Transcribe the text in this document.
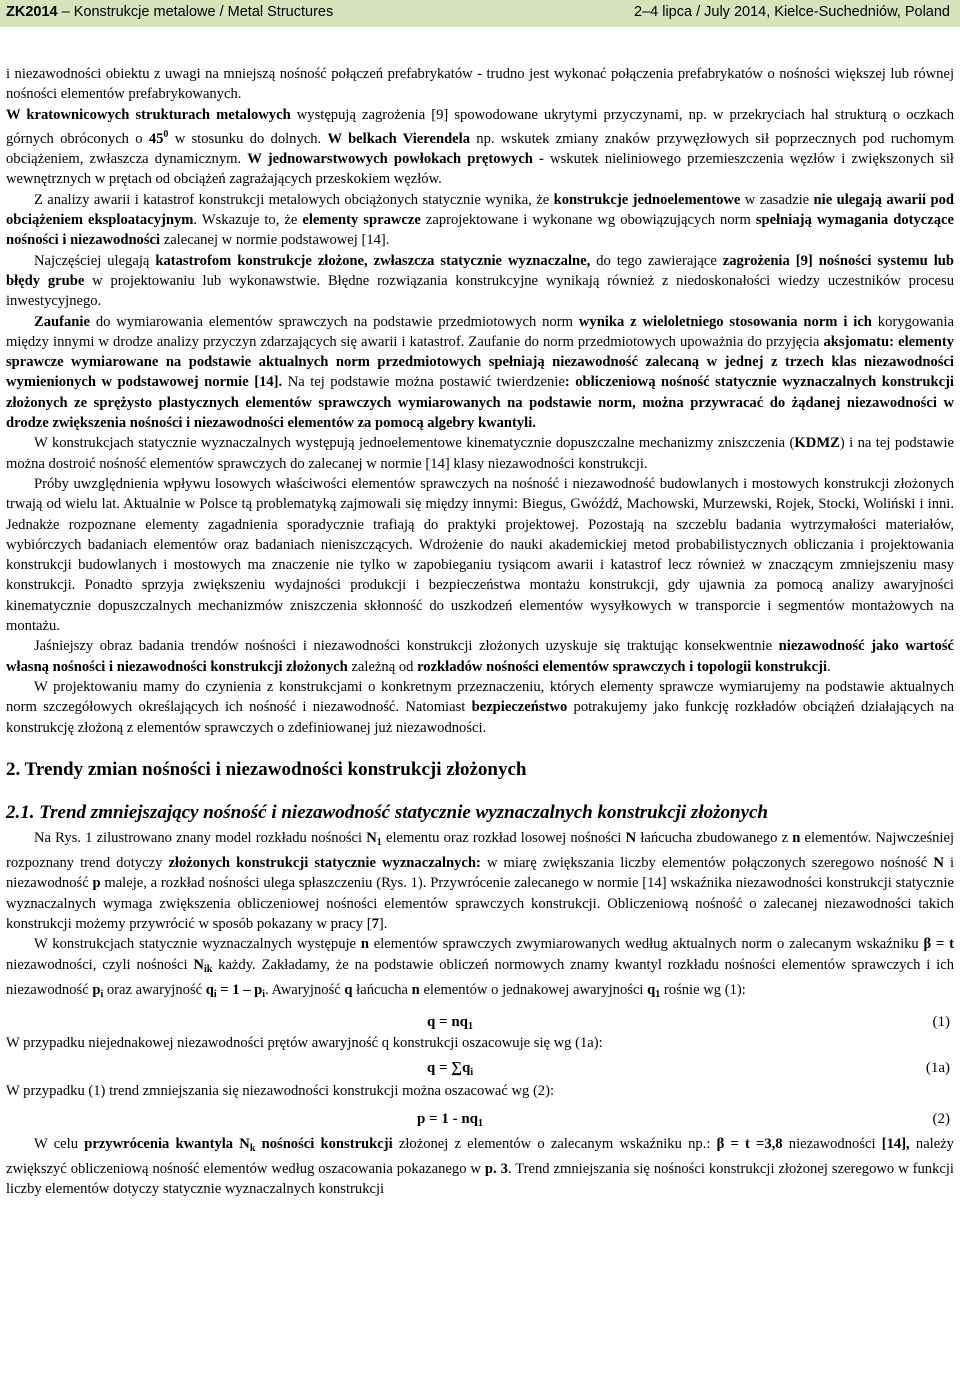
ZK2014 – Konstrukcje metalowe / Metal Structures	2–4 lipca / July 2014, Kielce-Suchedniów, Poland

i niezawodności obiektu z uwagi na mniejszą nośność połączeń prefabrykatów - trudno jest wykonać połączenia prefabrykatów o nośności większej lub równej nośności elementów prefabrykowanych.
W kratownicowych strukturach metalowych występują zagrożenia [9] spowodowane ukrytymi przyczynami, np. w przekryciach hal strukturą o oczkach górnych obróconych o $45^0$ w stosunku do dolnych. W belkach Vierendela np. wskutek zmiany znaków przywęzłowych sił poprzecznych pod ruchomym obciążeniem, zwłaszcza dynamicznym. W jednowarstwowych powłokach prętowych - wskutek nieliniowego przemieszczenia węzłów i zwiększonych sił wewnętrznych w prętach od obciążeń zagrażających przeskokiem węzłów.

Z analizy awarii i katastrof konstrukcji metalowych obciążonych statycznie wynika, że konstrukcje jednoelementowe w zasadzie nie ulegają awarii pod obciążeniem eksploatacyjnym. Wskazuje to, że elementy sprawcze zaprojektowane i wykonane wg obowiązujących norm spełniają wymagania dotyczące nośności i niezawodności zalecanej w normie podstawowej [14].

Najczęściej ulegają katastrofom konstrukcje złożone, zwłaszcza statycznie wyznaczalne, do tego zawierające zagrożenia [9] nośności systemu lub błędy grube w projektowaniu lub wykonawstwie. Błędne rozwiązania konstrukcyjne wynikają również z niedoskonałości wiedzy uczestników procesu inwestycyjnego.

Zaufanie do wymiarowania elementów sprawczych na podstawie przedmiotowych norm wynika z wieloletniego stosowania norm i ich korygowania między innymi w drodze analizy przyczyn zdarzających się awarii i katastrof. Zaufanie do norm przedmiotowych upoważnia do przyjęcia aksjomatu: elementy sprawcze wymiarowane na podstawie aktualnych norm przedmiotowych spełniają niezawodność zalecaną w jednej z trzech klas niezawodności wymienionych w podstawowej normie [14]. Na tej podstawie można postawić twierdzenie: obliczeniową nośność statycznie wyznaczalnych konstrukcji złożonych ze sprężysto plastycznych elementów sprawczych wymiarowanych na podstawie norm, można przywracać do żądanej niezawodności w drodze zwiększenia nośności i niezawodności elementów za pomocą algebry kwantyli.

W konstrukcjach statycznie wyznaczalnych występują jednoelementowe kinematycznie dopuszczalne mechanizmy zniszczenia (KDMZ) i na tej podstawie można dostroić nośność elementów sprawczych do zalecanej w normie [14] klasy niezawodności konstrukcji.

Próby uwzględnienia wpływu losowych właściwości elementów sprawczych na nośność i niezawodność budowlanych i mostowych konstrukcji złożonych trwają od wielu lat. Aktualnie w Polsce tą problematyką zajmowali się między innymi: Biegus, Gwóźdź, Machowski, Murzewski, Rojek, Stocki, Woliński i inni. Jednakże rozpoznane elementy zagadnienia sporadycznie trafiają do praktyki projektowej. Pozostają na szczeblu badania wytrzymałości materiałów, wybiórczych badaniach elementów oraz badaniach nieniszczących. Wdrożenie do nauki akademickiej metod probabilistycznych obliczania i projektowania konstrukcji budowlanych i mostowych ma znaczenie nie tylko w zapobieganiu tysiącom awarii i katastrof lecz również w znaczącym zmniejszeniu masy konstrukcji. Ponadto sprzyja zwiększeniu wydajności produkcji i bezpieczeństwa montażu konstrukcji, gdy ujawnia za pomocą analizy awaryjności kinematycznie dopuszczalnych mechanizmów zniszczenia skłonność do uszkodzeń elementów wysyłkowych w transporcie i segmentów montażowych na montażu.

Jaśniejszy obraz badania trendów nośności i niezawodności konstrukcji złożonych uzyskuje się traktując konsekwentnie niezawodność jako wartość własną nośności i niezawodności konstrukcji złożonych zależną od rozkładów nośności elementów sprawczych i topologii konstrukcji.

W projektowaniu mamy do czynienia z konstrukcjami o konkretnym przeznaczeniu, których elementy sprawcze wymiarujemy na podstawie aktualnych norm szczegółowych określających ich nośność i niezawodność. Natomiast bezpieczeństwo potrakujemy jako funkcję rozkładów obciążeń działających na konstrukcję złożoną z elementów sprawczych o zdefiniowanej już niezawodności.

2. Trendy zmian nośności i niezawodności konstrukcji złożonych
2.1. Trend zmniejszający nośność i niezawodność statycznie wyznaczalnych konstrukcji złożonych

Na Rys. 1 zilustrowano znany model rozkładu nośności $N_1$ elementu oraz rozkład losowej nośności N łańcucha zbudowanego z n elementów. Najwcześniej rozpoznany trend dotyczy złożonych konstrukcji statycznie wyznaczalnych: w miarę zwiększania liczby elementów połączonych szeregowo nośność N i niezawodność p maleje, a rozkład nośności ulega spłaszczeniu (Rys. 1). Przywrócenie zalecanego w normie [14] wskaźnika niezawodności konstrukcji statycznie wyznaczalnych wymaga zwiększenia obliczeniowej nośności elementów sprawczych konstrukcji. Obliczeniową nośność o zalecanej niezawodności takich konstrukcji możemy przywrócić w sposób pokazany w pracy [7].

W konstrukcjach statycznie wyznaczalnych występuje n elementów sprawczych zwymiarowanych według aktualnych norm o zalecanym wskaźniku β = t niezawodności, czyli nośności $N_{ik}$ każdy. Zakładamy, że na podstawie obliczeń normowych znamy kwantyl rozkładu nośności elementów sprawczych i ich niezawodność $p_i$ oraz awaryjność $q_i = 1 - p_i$. Awaryjność q łańcucha n elementów o jednakowej awaryjności $q_1$ rośnie wg (1):

$q = nq_1$	(1)

W przypadku niejednakowej niezawodności prętów awaryjność q konstrukcji oszacowuje się wg (1a):

$q = \sum q_i$	(1a)

W przypadku (1) trend zmniejszania się niezawodności konstrukcji można oszacować wg (2):

$p = 1 - nq_1$	(2)

W celu przywrócenia kwantyla $N_k$ nośności konstrukcji złożonej z elementów o zalecanym wskaźniku np.: β = t =3,8 niezawodności [14], należy zwiększyć obliczeniową nośność elementów według oszacowania pokazanego w p. 3. Trend zmniejszania się nośności konstrukcji złożonej szeregowo w funkcji liczby elementów dotyczy statycznie wyznaczalnych konstrukcji
